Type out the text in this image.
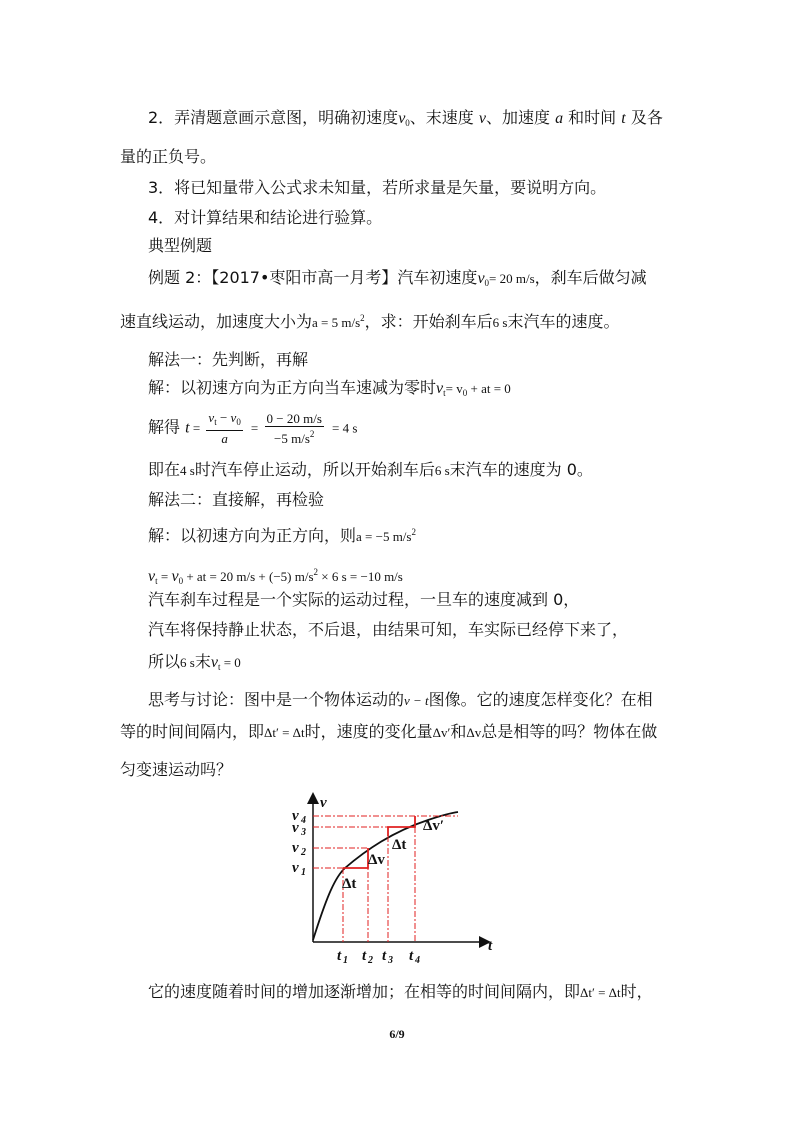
2．弄清题意画示意图，明确初速度$v_0$、末速度 v、加速度 a 和时间 t 及各
量的正负号。
3．将已知量带入公式求未知量，若所求量是矢量，要说明方向。
4．对计算结果和结论进行验算。
典型例题
例题 2：【2017•枣阳市高一月考】汽车初速度$v_0= 20$ m/s，刹车后做匀减
速直线运动，加速度大小为a = 5 $m/s^2$，求：开始刹车后6 s末汽车的速度。
解法一：先判断，再解
解：以初速方向为正方向当车速减为零时$v_t= v_0$ + at = 0
解得 $t = \frac{v_t - v_0}{a} = \frac{0 - 20 m/s}{-5 m/s^2} = 4$ s
即在4 s时汽车停止运动，所以开始刹车后6 s末汽车的速度为 0。
解法二：直接解，再检验
解：以初速方向为正方向，则a = −5 $m/s^2$
$v_t = v_0$ + at = 20 m/s + (−5) $m/s^2 \times 6$ s = −10 m/s
汽车刹车过程是一个实际的运动过程，一旦车的速度减到 0，
汽车将保持静止状态，不后退，由结果可知，车实际已经停下来了，
所以6 s末$v_t = 0$
思考与讨论：图中是一个物体运动的v − t图像。它的速度怎样变化？在相
等的时间间隔内，即Δt′ = Δt时，速度的变化量Δv′和Δv总是相等的吗？物体在做
匀变速运动吗？
v
t
v 4
v 3
v 2
v 1
t 1 t 2 t 3 t 4
Δt
Δv
Δt
Δv′
它的速度随着时间的增加逐渐增加；在相等的时间间隔内，即Δt′ = Δt时，
6/9
